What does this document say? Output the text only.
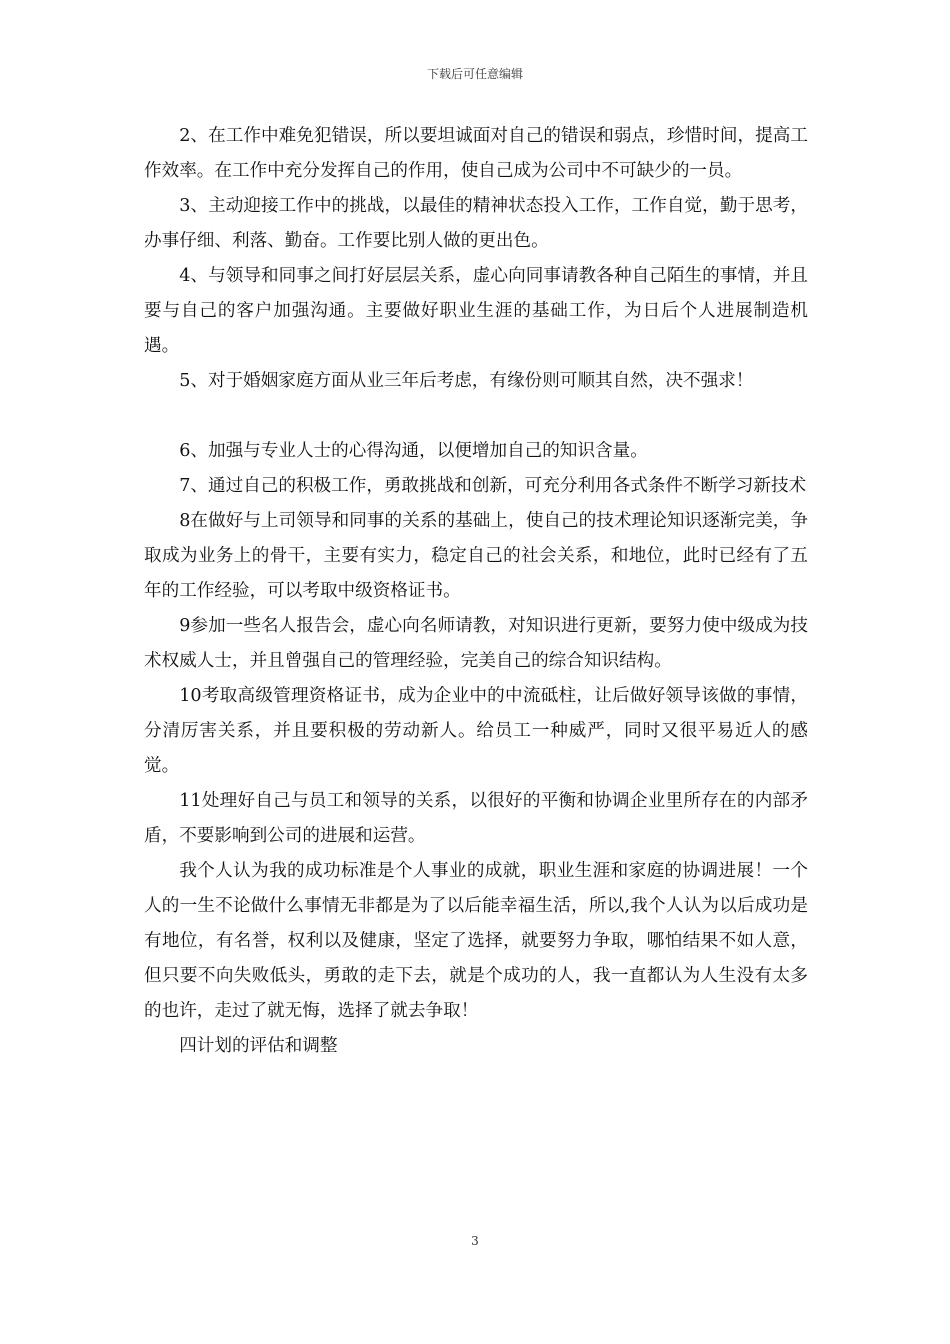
下载后可任意编辑

2、在工作中难免犯错误，所以要坦诚面对自己的错误和弱点，珍惜时间，提高工作效率。在工作中充分发挥自己的作用，使自己成为公司中不可缺少的一员。

3、主动迎接工作中的挑战，以最佳的精神状态投入工作，工作自觉，勤于思考，办事仔细、利落、勤奋。工作要比别人做的更出色。

4、与领导和同事之间打好层层关系，虚心向同事请教各种自己陌生的事情，并且要与自己的客户加强沟通。主要做好职业生涯的基础工作，为日后个人进展制造机遇。

5、对于婚姻家庭方面从业三年后考虑，有缘份则可顺其自然，决不强求！

6、加强与专业人士的心得沟通，以便增加自己的知识含量。

7、通过自己的积极工作，勇敢挑战和创新，可充分利用各式条件不断学习新技术

8在做好与上司领导和同事的关系的基础上，使自己的技术理论知识逐渐完美，争取成为业务上的骨干，主要有实力，稳定自己的社会关系，和地位，此时已经有了五年的工作经验，可以考取中级资格证书。

9参加一些名人报告会，虚心向名师请教，对知识进行更新，要努力使中级成为技术权威人士，并且曾强自己的管理经验，完美自己的综合知识结构。

10考取高级管理资格证书，成为企业中的中流砥柱，让后做好领导该做的事情，分清厉害关系，并且要积极的劳动新人。给员工一种威严，同时又很平易近人的感觉。

11处理好自己与员工和领导的关系，以很好的平衡和协调企业里所存在的内部矛盾，不要影响到公司的进展和运营。

我个人认为我的成功标准是个人事业的成就，职业生涯和家庭的协调进展！一个人的一生不论做什么事情无非都是为了以后能幸福生活，所以,我个人认为以后成功是有地位，有名誉，权利以及健康，坚定了选择，就要努力争取，哪怕结果不如人意，但只要不向失败低头，勇敢的走下去，就是个成功的人，我一直都认为人生没有太多的也许，走过了就无悔，选择了就去争取！

四计划的评估和调整

3
